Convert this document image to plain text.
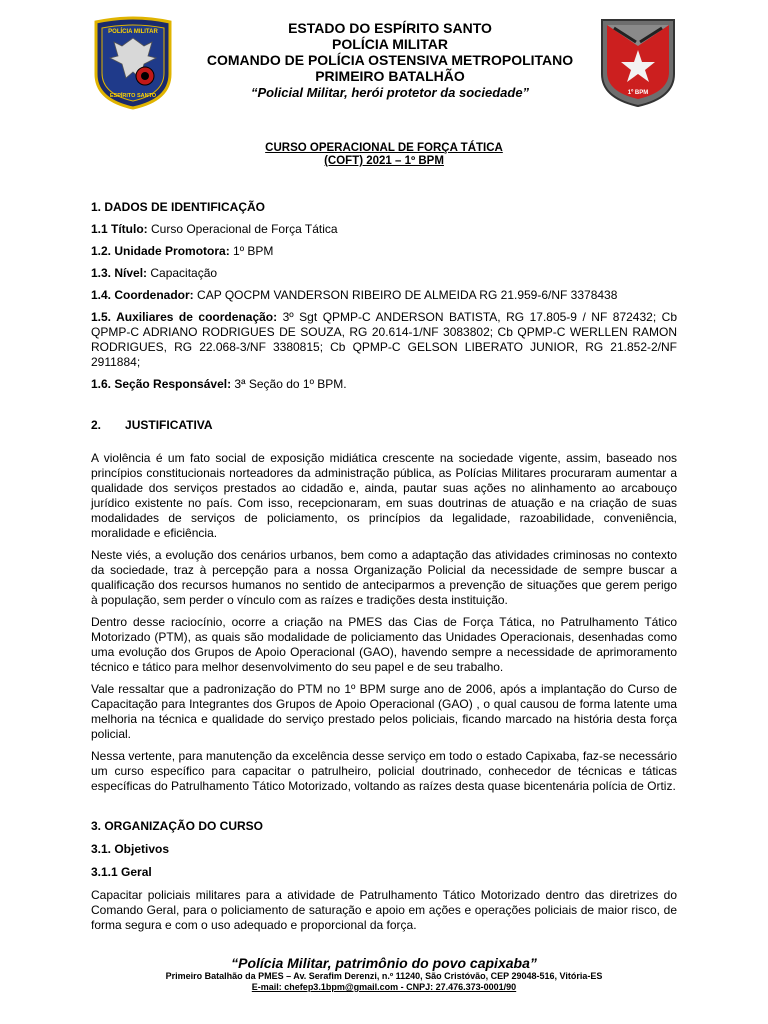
POLÍCIA MILITAR
ESPÍRITO SANTO	1º BPM
ESTADO DO ESPÍRITO SANTO
POLÍCIA MILITAR
COMANDO DE POLÍCIA OSTENSIVA METROPOLITANO
PRIMEIRO BATALHÃO
“Policial Militar, herói protetor da sociedade”
CURSO OPERACIONAL DE FORÇA TÁTICA
(COFT) 2021 – 1º BPM

1. DADOS DE IDENTIFICAÇÃO

1.1 Título: Curso Operacional de Força Tática

1.2. Unidade Promotora: 1º BPM

1.3. Nível: Capacitação

1.4. Coordenador: CAP QOCPM VANDERSON RIBEIRO DE ALMEIDA RG 21.959-6/NF 3378438

1.5. Auxiliares de coordenação: 3º Sgt QPMP-C ANDERSON BATISTA, RG 17.805-9 / NF 872432; Cb QPMP-C ADRIANO RODRIGUES DE SOUZA, RG 20.614-1/NF 3083802; Cb QPMP-C WERLLEN RAMON RODRIGUES, RG 22.068-3/NF 3380815; Cb QPMP-C GELSON LIBERATO JUNIOR, RG 21.852-2/NF 2911884;

1.6. Seção Responsável: 3ª Seção do 1º BPM.

2. JUSTIFICATIVA

A violência é um fato social de exposição midiática crescente na sociedade vigente, assim, baseado nos princípios constitucionais norteadores da administração pública, as Polícias Militares procuraram aumentar a qualidade dos serviços prestados ao cidadão e, ainda, pautar suas ações no alinhamento ao arcabouço jurídico existente no país. Com isso, recepcionaram, em suas doutrinas de atuação e na criação de suas modalidades de serviços de policiamento, os princípios da legalidade, razoabilidade, conveniência, moralidade e eficiência.

Neste viés, a evolução dos cenários urbanos, bem como a adaptação das atividades criminosas no contexto da sociedade, traz à percepção para a nossa Organização Policial da necessidade de sempre buscar a qualificação dos recursos humanos no sentido de anteciparmos a prevenção de situações que gerem perigo à população, sem perder o vínculo com as raízes e tradições desta instituição.

Dentro desse raciocínio, ocorre a criação na PMES das Cias de Força Tática, no Patrulhamento Tático Motorizado (PTM), as quais são modalidade de policiamento das Unidades Operacionais, desenhadas como uma evolução dos Grupos de Apoio Operacional (GAO), havendo sempre a necessidade de aprimoramento técnico e tático para melhor desenvolvimento do seu papel e de seu trabalho.

Vale ressaltar que a padronização do PTM no 1º BPM surge ano de 2006, após a implantação do Curso de Capacitação para Integrantes dos Grupos de Apoio Operacional (GAO) , o qual causou de forma latente uma melhoria na técnica e qualidade do serviço prestado pelos policiais, ficando marcado na história desta força policial.

Nessa vertente, para manutenção da excelência desse serviço em todo o estado Capixaba, faz-se necessário um curso específico para capacitar o patrulheiro, policial doutrinado, conhecedor de técnicas e táticas específicas do Patrulhamento Tático Motorizado, voltando as raízes desta quase bicentenária polícia de Ortiz.

3. ORGANIZAÇÃO DO CURSO

3.1. Objetivos

3.1.1 Geral

Capacitar policiais militares para a atividade de Patrulhamento Tático Motorizado dentro das diretrizes do Comando Geral, para o policiamento de saturação e apoio em ações e operações policiais de maior risco, de forma segura e com o uso adequado e proporcional da força.

“Polícia Militar, patrimônio do povo capixaba”
Primeiro Batalhão da PMES – Av. Serafim Derenzi, n.º 11240, São Cristóvão, CEP 29048-516, Vitória-ES
E-mail: chefep3.1bpm@gmail.com - CNPJ: 27.476.373-0001/90
